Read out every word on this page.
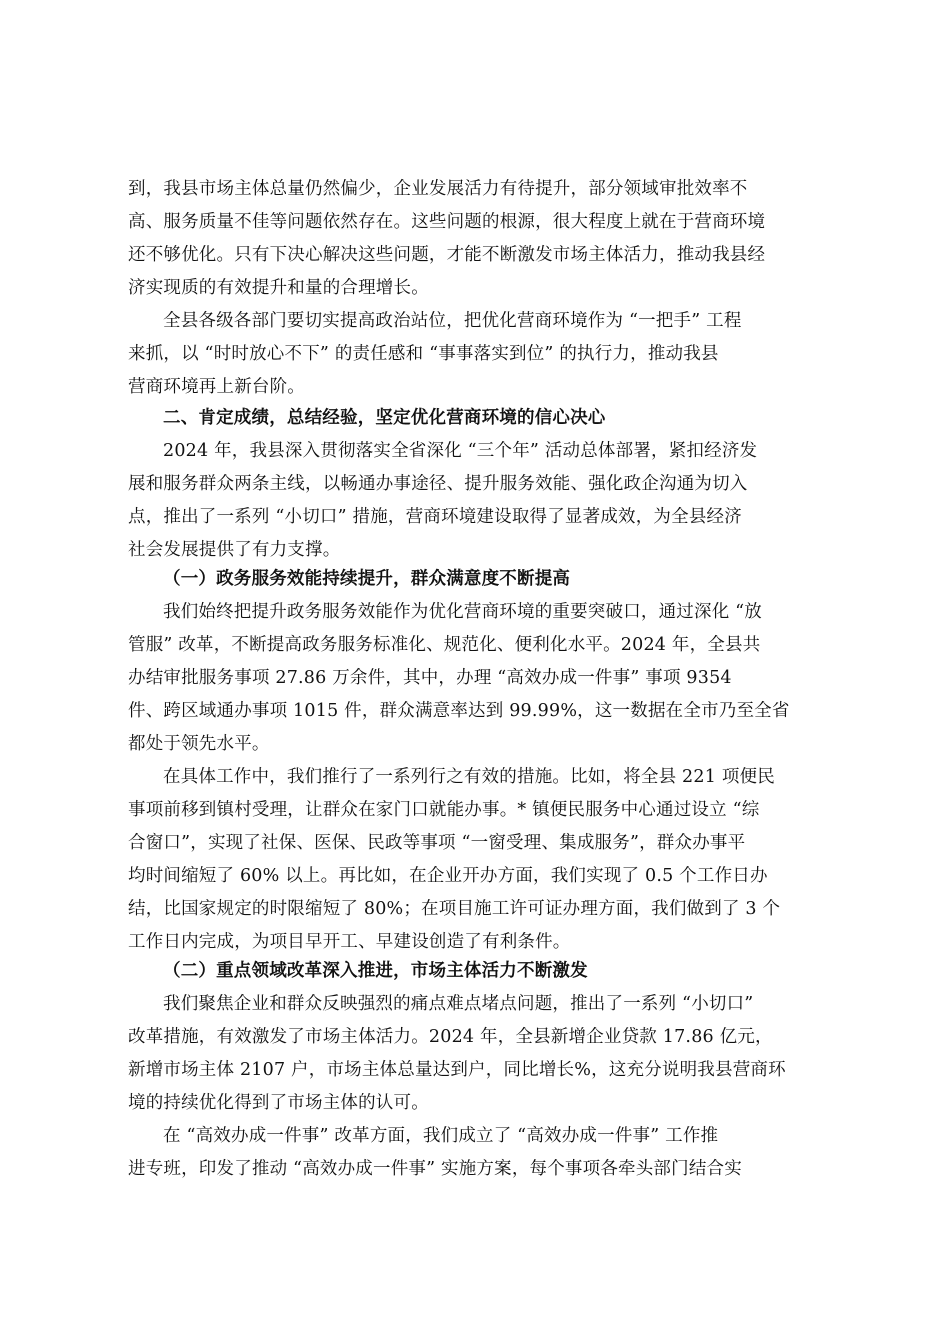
到，我县市场主体总量仍然偏少，企业发展活力有待提升，部分领域审批效率不
高、服务质量不佳等问题依然存在。这些问题的根源，很大程度上就在于营商环境
还不够优化。只有下决心解决这些问题，才能不断激发市场主体活力，推动我县经
济实现质的有效提升和量的合理增长。
全县各级各部门要切实提高政治站位，把优化营商环境作为 “一把手” 工程
来抓，以 “时时放心不下” 的责任感和 “事事落实到位” 的执行力，推动我县
营商环境再上新台阶。
二、肯定成绩，总结经验，坚定优化营商环境的信心决心
2024 年，我县深入贯彻落实全省深化 “三个年” 活动总体部署，紧扣经济发
展和服务群众两条主线，以畅通办事途径、提升服务效能、强化政企沟通为切入
点，推出了一系列 “小切口” 措施，营商环境建设取得了显著成效，为全县经济
社会发展提供了有力支撑。
（一）政务服务效能持续提升，群众满意度不断提高
我们始终把提升政务服务效能作为优化营商环境的重要突破口，通过深化 “放
管服” 改革，不断提高政务服务标准化、规范化、便利化水平。2024 年，全县共
办结审批服务事项 27.86 万余件，其中，办理 “高效办成一件事” 事项 9354
件、跨区域通办事项 1015 件，群众满意率达到 99.99%，这一数据在全市乃至全省
都处于领先水平。
在具体工作中，我们推行了一系列行之有效的措施。比如，将全县 221 项便民
事项前移到镇村受理，让群众在家门口就能办事。* 镇便民服务中心通过设立 “综
合窗口”，实现了社保、医保、民政等事项 “一窗受理、集成服务”，群众办事平
均时间缩短了 60% 以上。再比如，在企业开办方面，我们实现了 0.5 个工作日办
结，比国家规定的时限缩短了 80%；在项目施工许可证办理方面，我们做到了 3 个
工作日内完成，为项目早开工、早建设创造了有利条件。
（二）重点领域改革深入推进，市场主体活力不断激发
我们聚焦企业和群众反映强烈的痛点难点堵点问题，推出了一系列 “小切口”
改革措施，有效激发了市场主体活力。2024 年，全县新增企业贷款 17.86 亿元，
新增市场主体 2107 户，市场主体总量达到户，同比增长%，这充分说明我县营商环
境的持续优化得到了市场主体的认可。
在 “高效办成一件事” 改革方面，我们成立了 “高效办成一件事” 工作推
进专班，印发了推动 “高效办成一件事” 实施方案，每个事项各牵头部门结合实
